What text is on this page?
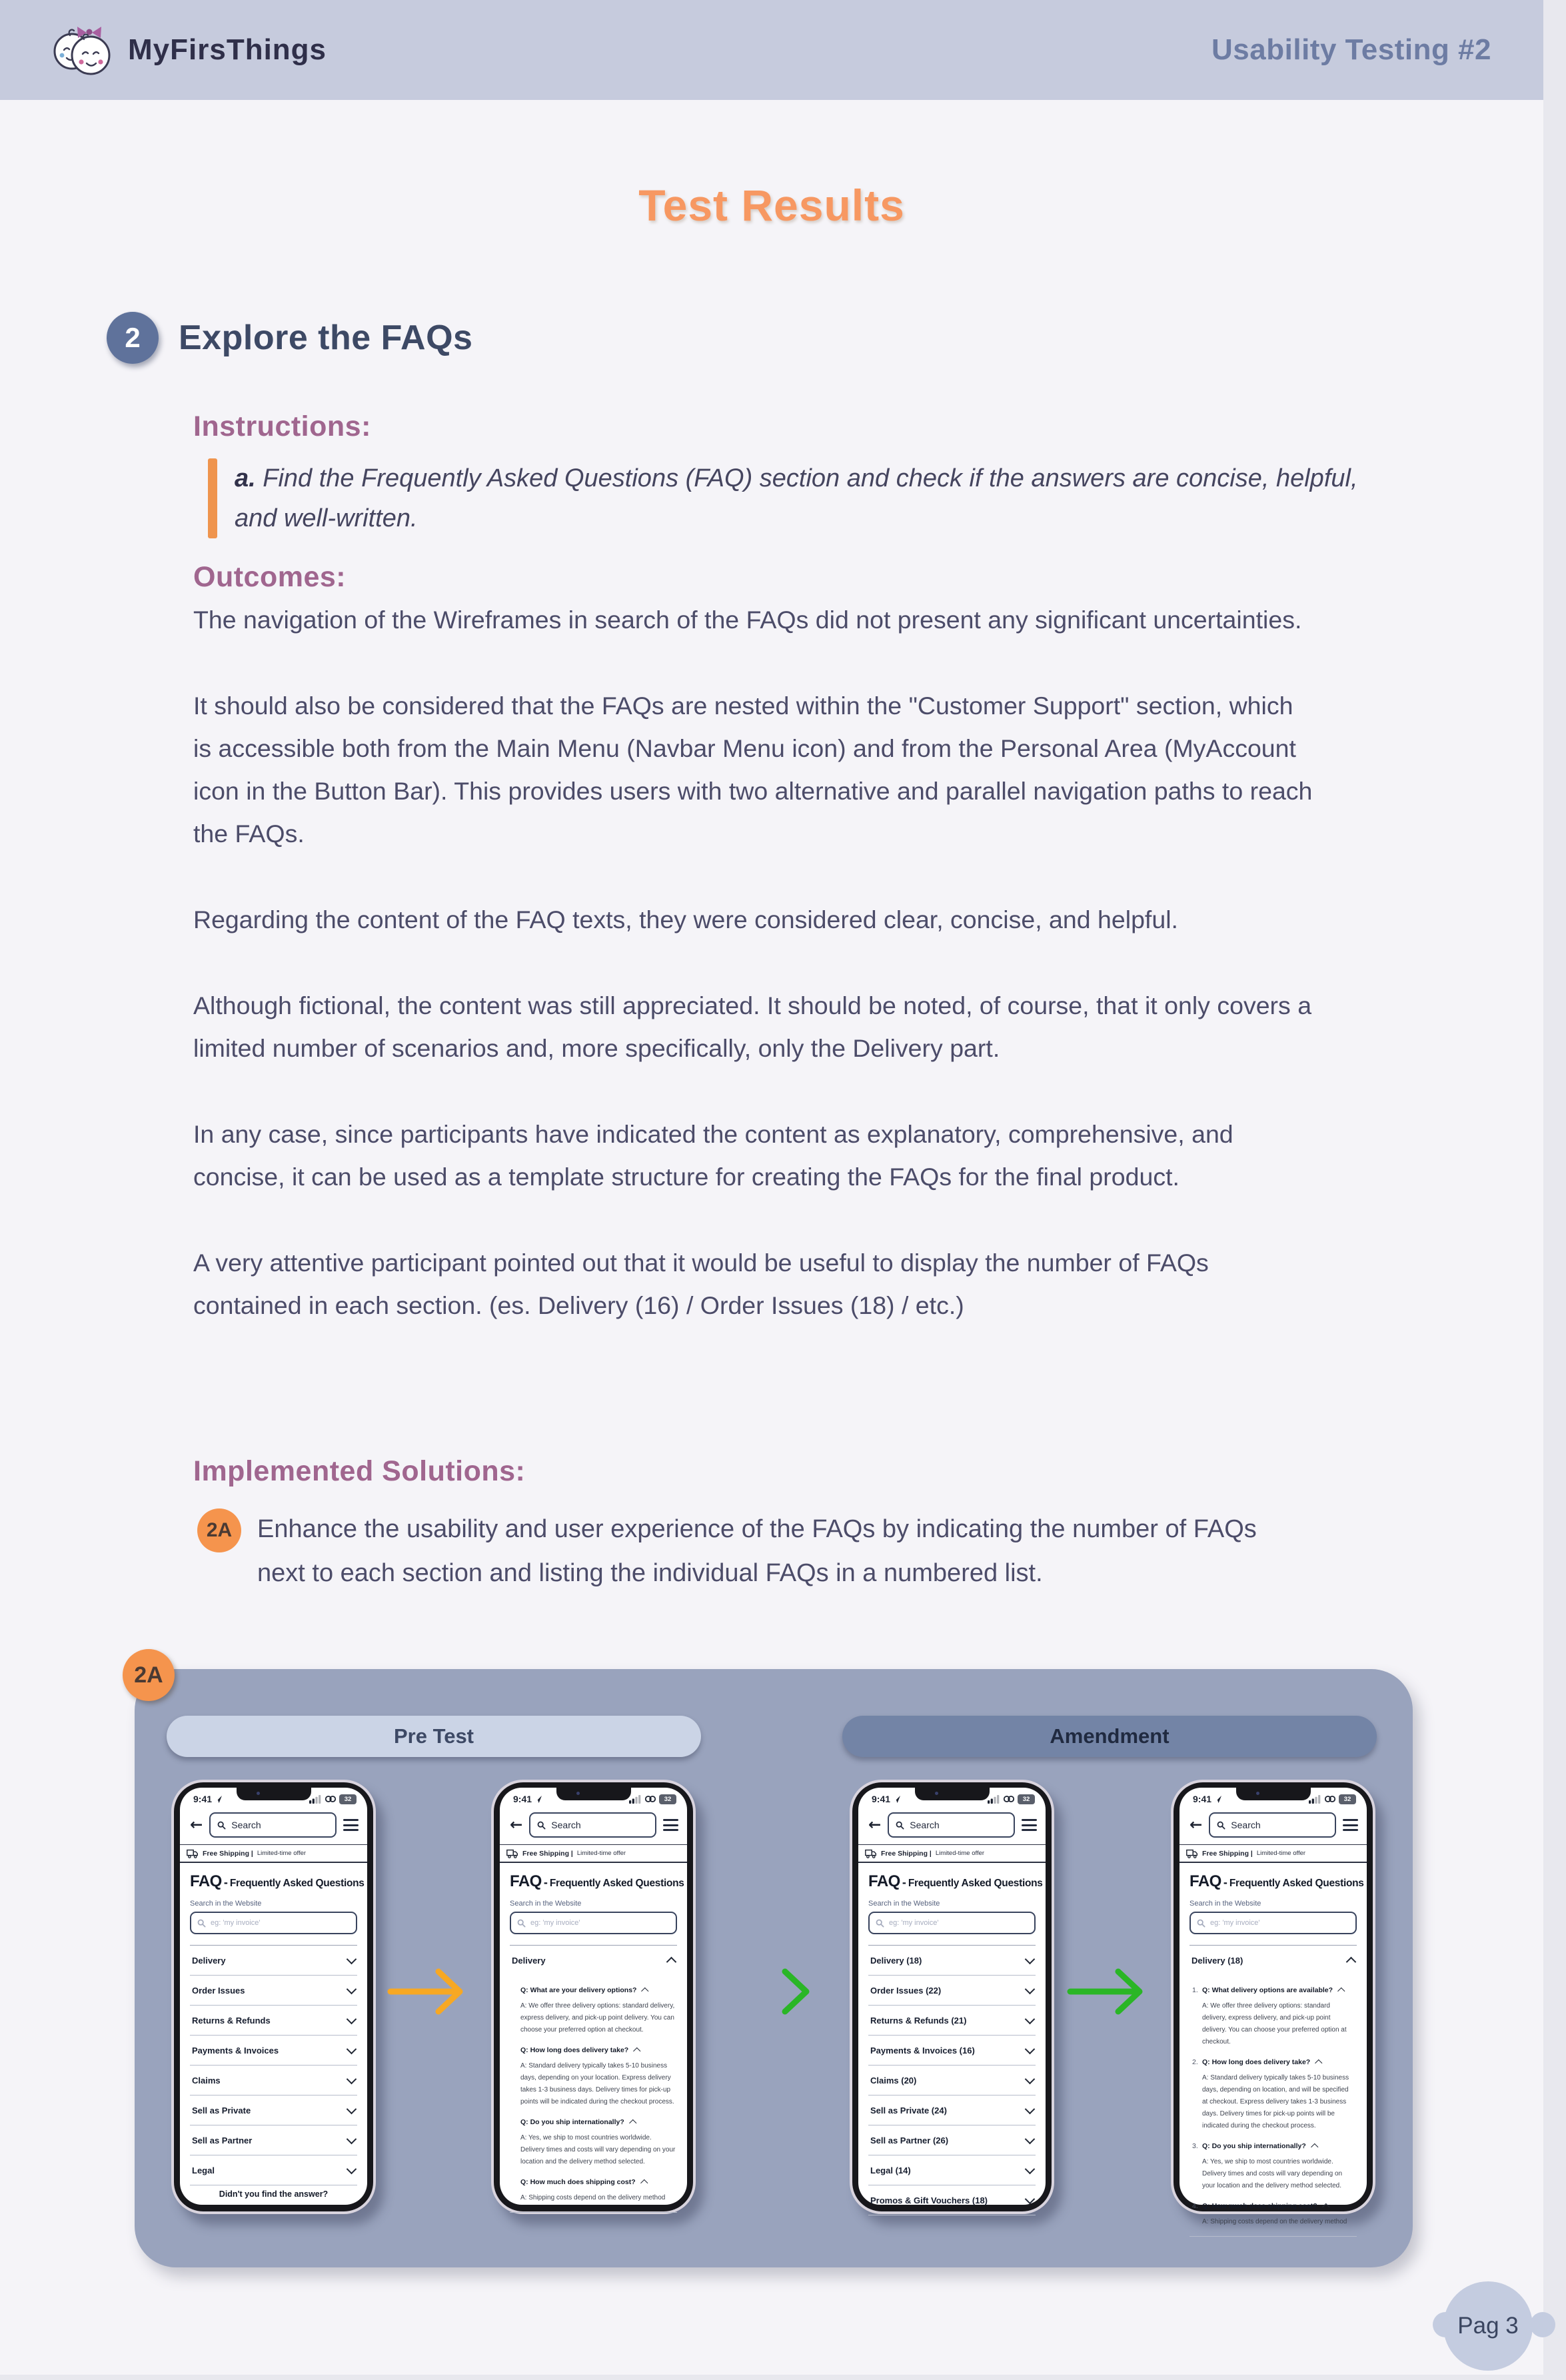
MyFirsThings	Usability Testing #2
Test Results
2	Explore the FAQs
Instructions:
a. Find the Frequently Asked Questions (FAQ) section and check if the answers are concise, helpful, and well-written.
Outcomes:

The navigation of the Wireframes in search of the FAQs did not present any significant uncertainties.

It should also be considered that the FAQs are nested within the "Customer Support" section, which is accessible both from the Main Menu (Navbar Menu icon) and from the Personal Area (MyAccount icon in the Button Bar). This provides users with two alternative and parallel navigation paths to reach the FAQs.

Regarding the content of the FAQ texts, they were considered clear, concise, and helpful.

Although fictional, the content was still appreciated. It should be noted, of course, that it only covers a limited number of scenarios and, more specifically, only the Delivery part.

In any case, since participants have indicated the content as explanatory, comprehensive, and concise, it can be used as a template structure for creating the FAQs for the final product.

A very attentive participant pointed out that it would be useful to display the number of FAQs contained in each section. (es. Delivery (16) / Order Issues (18) / etc.)

Implemented Solutions:
2A Enhance the usability and user experience of the FAQs by indicating the number of FAQs next to each section and listing the individual FAQs in a numbered list.
2A
Pre Test	Amendment
9:41	32
←	Search
Free Shipping | Limited-time offer
FAQ - Frequently Asked Questions
Search in the Website
eg: 'my invoice'
Delivery
Order Issues
Returns & Refunds
Payments & Invoices
Claims
Sell as Private
Sell as Partner
Legal
Didn't you find the answer?
9:41	32
←	Search
Free Shipping | Limited-time offer
FAQ - Frequently Asked Questions
Search in the Website
eg: 'my invoice'
Delivery
Q: What are your delivery options?
A: We offer three delivery options: standard delivery, express delivery, and pick-up point delivery. You can choose your preferred option at checkout.
Q: How long does delivery take?
A: Standard delivery typically takes 5-10 business days, depending on your location. Express delivery takes 1-3 business days. Delivery times for pick-up points will be indicated during the checkout process.
Q: Do you ship internationally?
A: Yes, we ship to most countries worldwide. Delivery times and costs will vary depending on your location and the delivery method selected.
Q: How much does shipping cost?
A: Shipping costs depend on the delivery method
9:41	32
←	Search
Free Shipping | Limited-time offer
FAQ - Frequently Asked Questions
Search in the Website
eg: 'my invoice'
Delivery (18)
Order Issues (22)
Returns & Refunds (21)
Payments & Invoices (16)
Claims (20)
Sell as Private (24)
Sell as Partner (26)
Legal (14)
Promos & Gift Vouchers (18)
9:41	32
←	Search
Free Shipping | Limited-time offer
FAQ - Frequently Asked Questions
Search in the Website
eg: 'my invoice'
Delivery (18)
1. Q: What delivery options are available?
A: We offer three delivery options: standard delivery, express delivery, and pick-up point delivery. You can choose your preferred option at checkout.
2. Q: How long does delivery take?
A: Standard delivery typically takes 5-10 business days, depending on location, and will be specified at checkout. Express delivery takes 1-3 business days. Delivery times for pick-up points will be indicated during the checkout process.
3. Q: Do you ship internationally?
A: Yes, we ship to most countries worldwide. Delivery times and costs will vary depending on your location and the delivery method selected.
4. Q: How much does shipping cost?
A: Shipping costs depend on the delivery method
Pag 3
